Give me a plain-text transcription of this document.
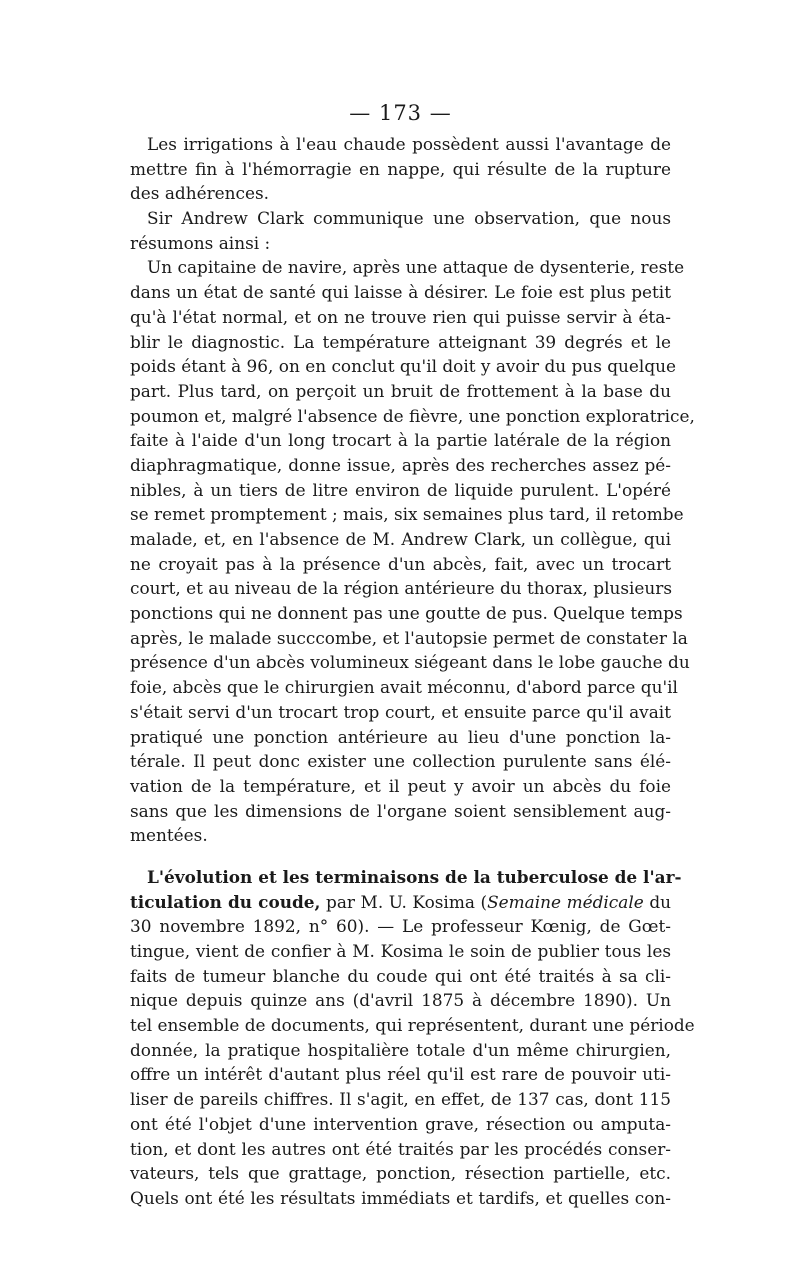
— 173 —
Les irrigations à l'eau chaude possèdent aussi l'avantage de
mettre fin à l'hémorragie en nappe, qui résulte de la rupture
des adhérences.
Sir Andrew Clark communique une observation, que nous
résumons ainsi :
Un capitaine de navire, après une attaque de dysenterie, reste
dans un état de santé qui laisse à désirer. Le foie est plus petit
qu'à l'état normal, et on ne trouve rien qui puisse servir à éta-
blir le diagnostic. La température atteignant 39 degrés et le
poids étant à 96, on en conclut qu'il doit y avoir du pus quelque
part. Plus tard, on perçoit un bruit de frottement à la base du
poumon et, malgré l'absence de fièvre, une ponction exploratrice,
faite à l'aide d'un long trocart à la partie latérale de la région
diaphragmatique, donne issue, après des recherches assez pé-
nibles, à un tiers de litre environ de liquide purulent. L'opéré
se remet promptement ; mais, six semaines plus tard, il retombe
malade, et, en l'absence de M. Andrew Clark, un collègue, qui
ne croyait pas à la présence d'un abcès, fait, avec un trocart
court, et au niveau de la région antérieure du thorax, plusieurs
ponctions qui ne donnent pas une goutte de pus. Quelque temps
après, le malade succcombe, et l'autopsie permet de constater la
présence d'un abcès volumineux siégeant dans le lobe gauche du
foie, abcès que le chirurgien avait méconnu, d'abord parce qu'il
s'était servi d'un trocart trop court, et ensuite parce qu'il avait
pratiqué une ponction antérieure au lieu d'une ponction la-
térale. Il peut donc exister une collection purulente sans élé-
vation de la température, et il peut y avoir un abcès du foie
sans que les dimensions de l'organe soient sensiblement aug-
mentées.
L'évolution et les terminaisons de la tuberculose de l'ar-
ticulation du coude, par M. U. Kosima (Semaine médicale du
30 novembre 1892, n° 60). — Le professeur Kœnig, de Gœt-
tingue, vient de confier à M. Kosima le soin de publier tous les
faits de tumeur blanche du coude qui ont été traités à sa cli-
nique depuis quinze ans (d'avril 1875 à décembre 1890). Un
tel ensemble de documents, qui représentent, durant une période
donnée, la pratique hospitalière totale d'un même chirurgien,
offre un intérêt d'autant plus réel qu'il est rare de pouvoir uti-
liser de pareils chiffres. Il s'agit, en effet, de 137 cas, dont 115
ont été l'objet d'une intervention grave, résection ou amputa-
tion, et dont les autres ont été traités par les procédés conser-
vateurs, tels que grattage, ponction, résection partielle, etc.
Quels ont été les résultats immédiats et tardifs, et quelles con-
